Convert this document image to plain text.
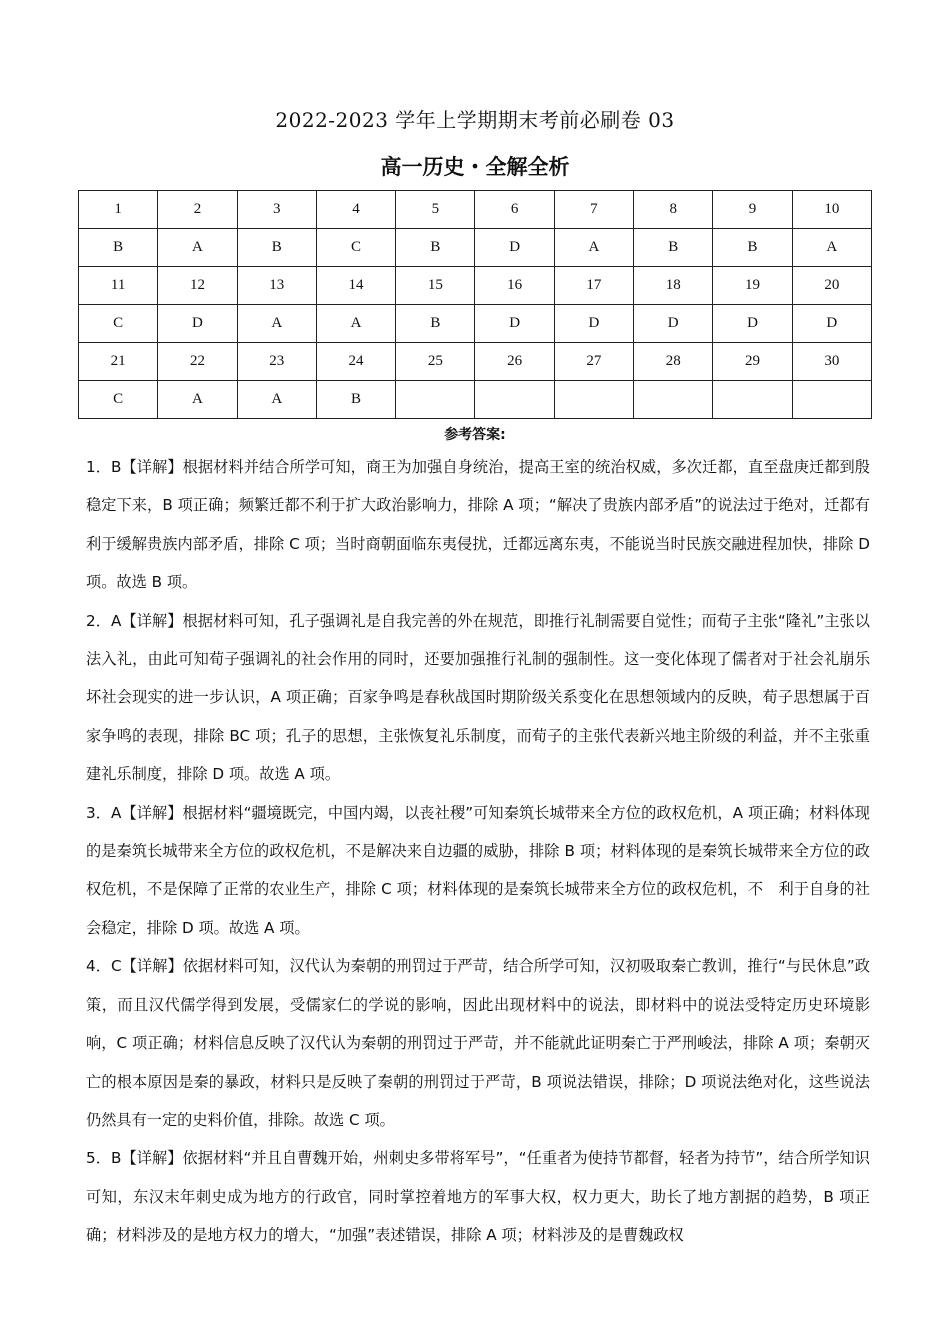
2022-2023 学年上学期期末考前必刷卷 03
高一历史・全解全析
1	2	3	4	5	6	7	8	9	10
B	A	B	C	B	D	A	B	B	A
11	12	13	14	15	16	17	18	19	20
C	D	A	A	B	D	D	D	D	D
21	22	23	24	25	26	27	28	29	30
C	A	A	B						
参考答案:

1．B【详解】根据材料并结合所学可知，商王为加强自身统治，提高王室的统治权威，多次迁都，直至盘庚迁都到殷稳定下来，B 项正确；频繁迁都不利于扩大政治影响力，排除 A 项；“解决了贵族内部矛盾”的说法过于绝对，迁都有利于缓解贵族内部矛盾，排除 C 项；当时商朝面临东夷侵扰，迁都远离东夷，不能说当时民族交融进程加快，排除 D 项。故选 B 项。

2．A【详解】根据材料可知，孔子强调礼是自我完善的外在规范，即推行礼制需要自觉性；而荀子主张“隆礼”主张以法入礼，由此可知荀子强调礼的社会作用的同时，还要加强推行礼制的强制性。这一变化体现了儒者对于社会礼崩乐坏社会现实的进一步认识，A 项正确；百家争鸣是春秋战国时期阶级关系变化在思想领域内的反映，荀子思想属于百家争鸣的表现，排除 BC 项；孔子的思想，主张恢复礼乐制度，而荀子的主张代表新兴地主阶级的利益，并不主张重建礼乐制度，排除 D 项。故选 A 项。

3．A【详解】根据材料“疆境既完，中国内竭，以丧社稷”可知秦筑长城带来全方位的政权危机，A 项正确；材料体现的是秦筑长城带来全方位的政权危机，不是解决来自边疆的威胁，排除 B 项；材料体现的是秦筑长城带来全方位的政权危机，不是保障了正常的农业生产，排除 C 项；材料体现的是秦筑长城带来全方位的政权危机，不　利于自身的社会稳定，排除 D 项。故选 A 项。

4．C【详解】依据材料可知，汉代认为秦朝的刑罚过于严苛，结合所学可知，汉初吸取秦亡教训，推行“与民休息”政策，而且汉代儒学得到发展，受儒家仁的学说的影响，因此出现材料中的说法，即材料中的说法受特定历史环境影响，C 项正确；材料信息反映了汉代认为秦朝的刑罚过于严苛，并不能就此证明秦亡于严刑峻法，排除 A 项；秦朝灭亡的根本原因是秦的暴政，材料只是反映了秦朝的刑罚过于严苛，B 项说法错误，排除；D 项说法绝对化，这些说法仍然具有一定的史料价值，排除。故选 C 项。

5．B【详解】依据材料“并且自曹魏开始，州刺史多带将军号”，“任重者为使持节都督，轻者为持节”，结合所学知识可知，东汉末年刺史成为地方的行政官，同时掌控着地方的军事大权，权力更大，助长了地方割据的趋势，B 项正确；材料涉及的是地方权力的增大，“加强”表述错误，排除 A 项；材料涉及的是曹魏政权
